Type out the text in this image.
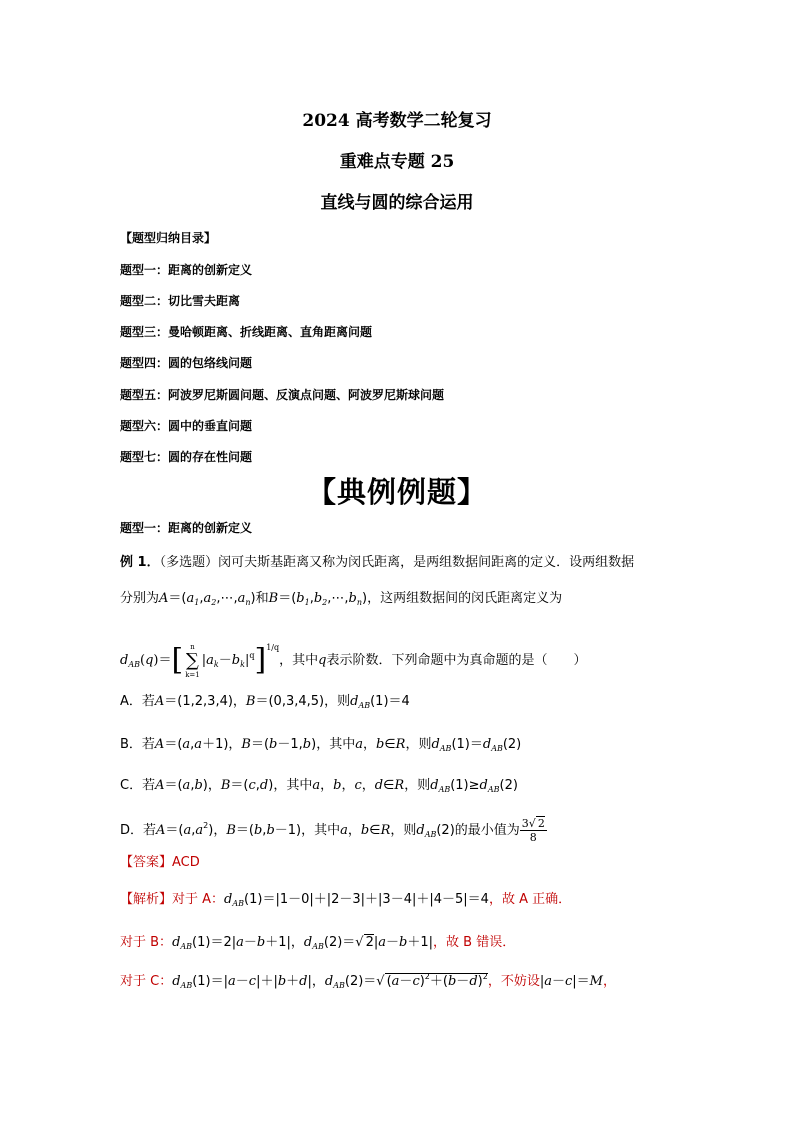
2024 高考数学二轮复习
重难点专题 25
直线与圆的综合运用
【题型归纳目录】
题型一：距离的创新定义
题型二：切比雪夫距离
题型三：曼哈顿距离、折线距离、直角距离问题
题型四：圆的包络线问题
题型五：阿波罗尼斯圆问题、反演点问题、阿波罗尼斯球问题
题型六：圆中的垂直问题
题型七：圆的存在性问题
【典例例题】
题型一：距离的创新定义
例 1．（多选题）闵可夫斯基距离又称为闵氏距离，是两组数据间距离的定义．设两组数据
分别为$A=(a_1,a_2,\cdots,a_n)$和$B=(b_1,b_2,\cdots,b_n)$，这两组数据间的闵氏距离定义为
$d_{AB}(q)=$[	n
∑
k=1
$|a_k-b_k|^q]^{1/q}$，其中q表示阶数．下列命题中为真命题的是（　　）
A．若A＝(1,2,3,4)，B＝(0,3,4,5)，则$d_{AB}(1)=4$
B．若A＝(a,a＋1)，B＝(b－1,b)，其中a，b∈R，则$d_{AB}(1)=d_{AB}(2)$
C．若A＝(a,b)，B＝(c,d)，其中a，b，c，d∈R，则$d_{AB}(1)\ge d_{AB}(2)$
D．若$A=(a,a^2)$，B＝(b,b－1)，其中a，b∈R，则$d_{AB}(2)$的最小值为 $\frac{3√ 2}{8}$
【答案】ACD
【解析】对于 A：$d_{AB}(1)=|1-0|+|2-3|+|3-4|+|4-5|=4$，故 A 正确．
对于 B：$d_{AB}(1)=2|a-b+1|$，$d_{AB}(2)=√$ 2|a－b＋1|，故 B 错误．
对于 C：$d_{AB}(1)=|a-c|+|b+d|$，$d_{AB}(2)=√$ $(a-c)^2+(b-d)^2$，不妨设|a－c|＝M，
